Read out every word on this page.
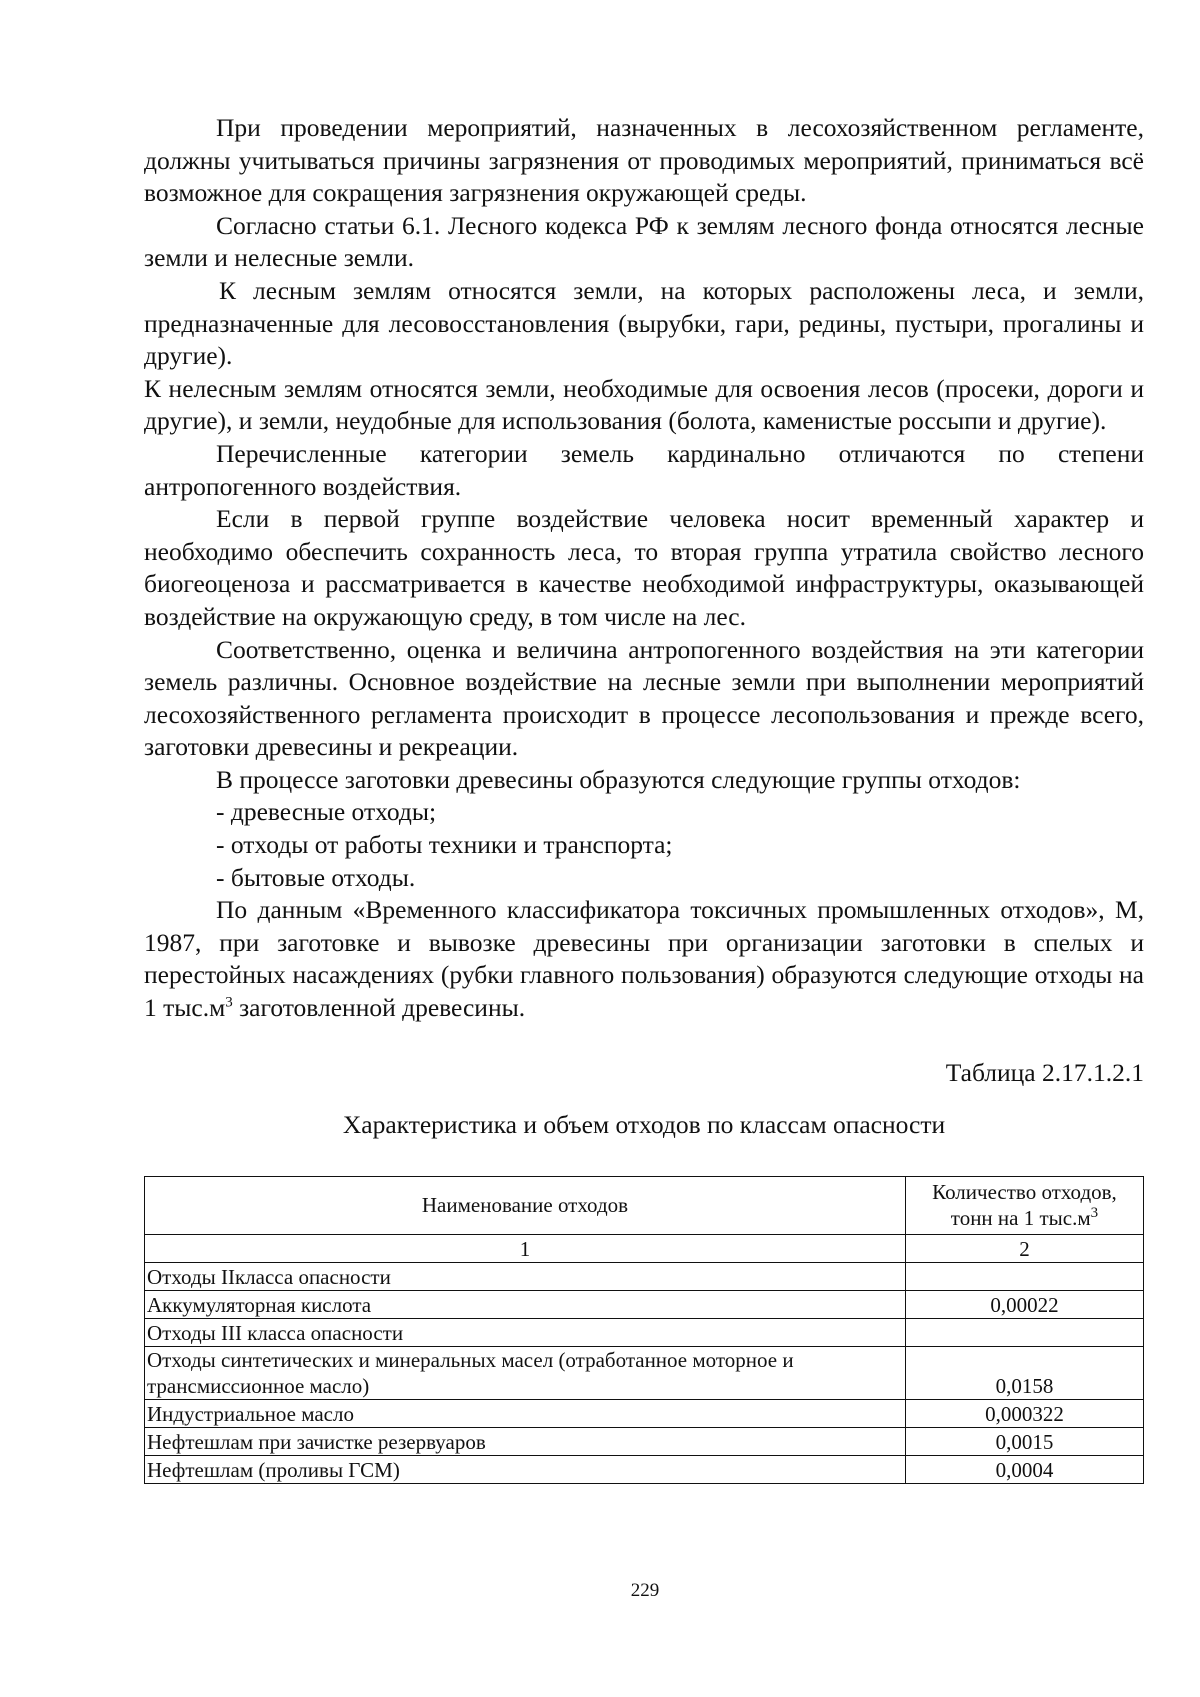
При проведении мероприятий, назначенных в лесохозяйственном регламенте, должны учитываться причины загрязнения от проводимых мероприятий, приниматься всё возможное для сокращения загрязнения окружающей среды.

Согласно статьи 6.1. Лесного кодекса РФ к землям лесного фонда относятся лесные земли и нелесные земли.

К лесным землям относятся земли, на которых расположены леса, и земли, предназначенные для лесовосстановления (вырубки, гари, редины, пустыри, прогалины и другие).

К нелесным землям относятся земли, необходимые для освоения лесов (просеки, дороги и другие), и земли, неудобные для использования (болота, каменистые россыпи и другие).

Перечисленные категории земель кардинально отличаются по степени антропогенного воздействия.

Если в первой группе воздействие человека носит временный характер и необходимо обеспечить сохранность леса, то вторая группа утратила свойство лесного биогеоценоза и рассматривается в качестве необходимой инфраструктуры, оказывающей воздействие на окружающую среду, в том числе на лес.

Соответственно, оценка и величина антропогенного воздействия на эти категории земель различны. Основное воздействие на лесные земли при выполнении мероприятий лесохозяйственного регламента происходит в процессе лесопользования и прежде всего, заготовки древесины и рекреации.

В процессе заготовки древесины образуются следующие группы отходов:

- древесные отходы;

- отходы от работы техники и транспорта;

- бытовые отходы.

По данным «Временного классификатора токсичных промышленных отходов», М, 1987, при заготовке и вывозке древесины при организации заготовки в спелых и перестойных насаждениях (рубки главного пользования) образуются следующие отходы на 1 $тыс.м^3$ заготовленной древесины.

Таблица 2.17.1.2.1

Характеристика и объем отходов по классам опасности

Наименование отходов	Количество отходов,
тонн на 1 $тыс.м^3$
1	2
Отходы IIкласса опасности	
Аккумуляторная кислота	0,00022
Отходы III класса опасности	
Отходы синтетических и минеральных масел (отработанное моторное и трансмиссионное масло)	0,0158
Индустриальное масло	0,000322
Нефтешлам при зачистке резервуаров	0,0015
Нефтешлам (проливы ГСМ)	0,0004
229
